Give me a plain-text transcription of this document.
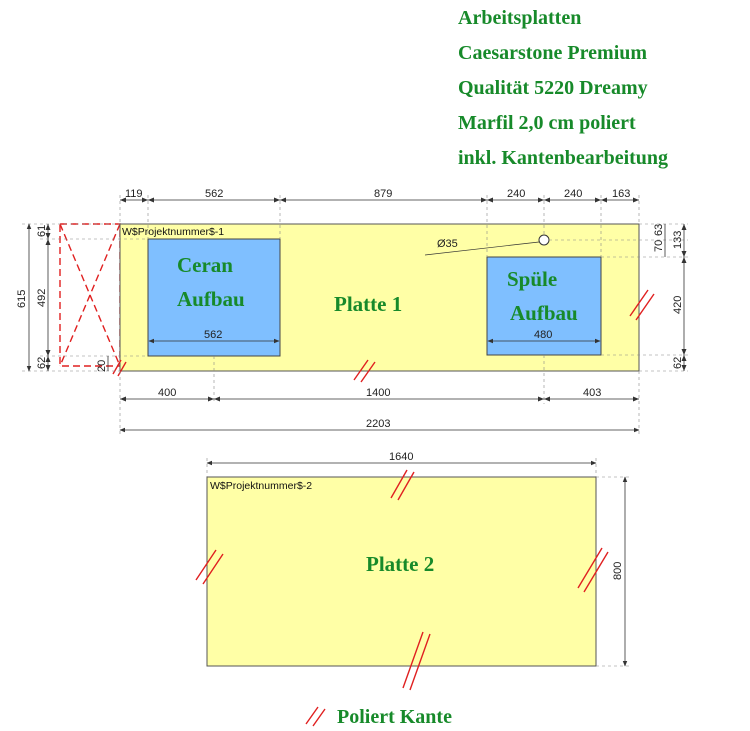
Arbeitsplatten
Caesarstone Premium
Qualität 5220 Dreamy
Marfil 2,0 cm poliert
inkl. Kantenbearbeitung
W$Projektnummer$-1
Ceran
Aufbau
562
Spüle
Aufbau
480
Ø35
Platte 1
119	562	879	240	240	163
400	1400	403
2203
615
61
492
62	20
70
63
133
420
62
W$Projektnummer$-2
Platte 2
1640
800
Poliert Kante
